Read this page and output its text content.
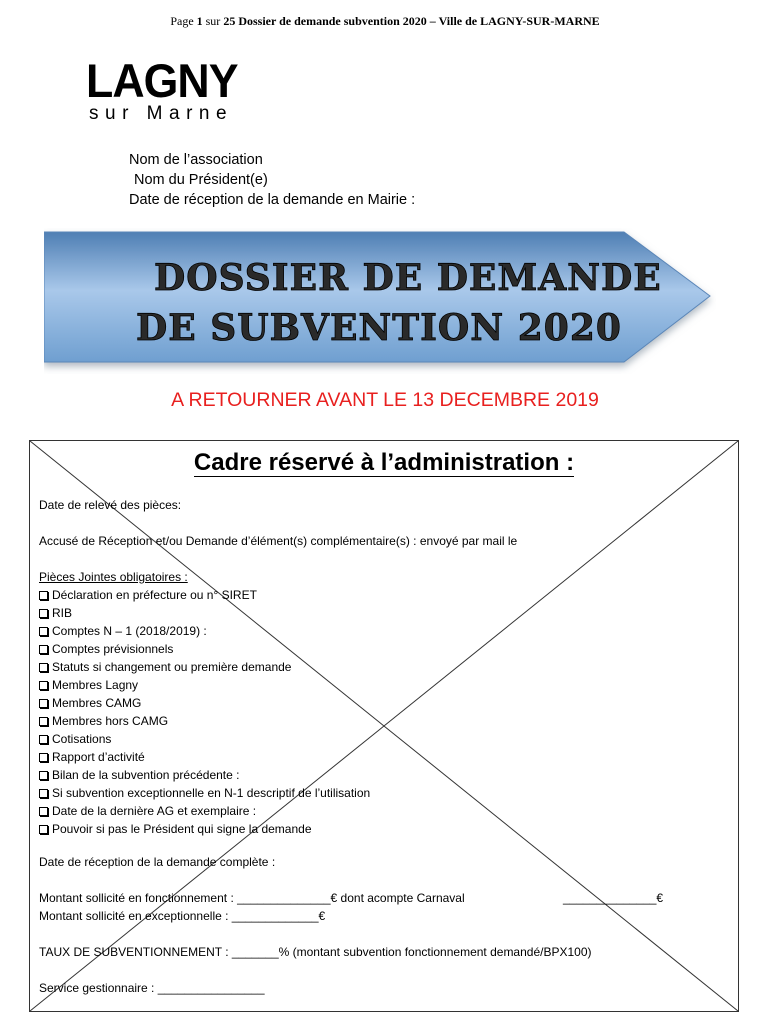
Page 1 sur 25 Dossier de demande subvention 2020 – Ville de LAGNY-SUR-MARNE
LAGNY
sur Marne
Nom de l’association
Nom du Président(e)
Date de réception de la demande en Mairie :
DOSSIER DE DEMANDE
DE SUBVENTION 2020
A RETOURNER AVANT LE 13 DECEMBRE 2019
Cadre réservé à l’administration :
Date de relevé des pièces:
Accusé de Réception et/ou Demande d’élément(s) complémentaire(s) : envoyé par mail le
Pièces Jointes obligatoires :
Déclaration en préfecture ou n° SIRET
RIB
Comptes N – 1 (2018/2019) :
Comptes prévisionnels
Statuts si changement ou première demande
Membres Lagny
Membres CAMG
Membres hors CAMG
Cotisations
Rapport d’activité
Bilan de la subvention précédente :
Si subvention exceptionnelle en N-1 descriptif de l’utilisation
Date de la dernière AG et exemplaire :
Pouvoir si pas le Président qui signe la demande
Date de réception de la demande complète :
Montant sollicité en fonctionnement : ______________€ dont acompte Carnaval	______________€
Montant sollicité en exceptionnelle : _____________€
TAUX DE SUBVENTIONNEMENT : _______% (montant subvention fonctionnement demandé/BPX100)
Service gestionnaire : ________________
